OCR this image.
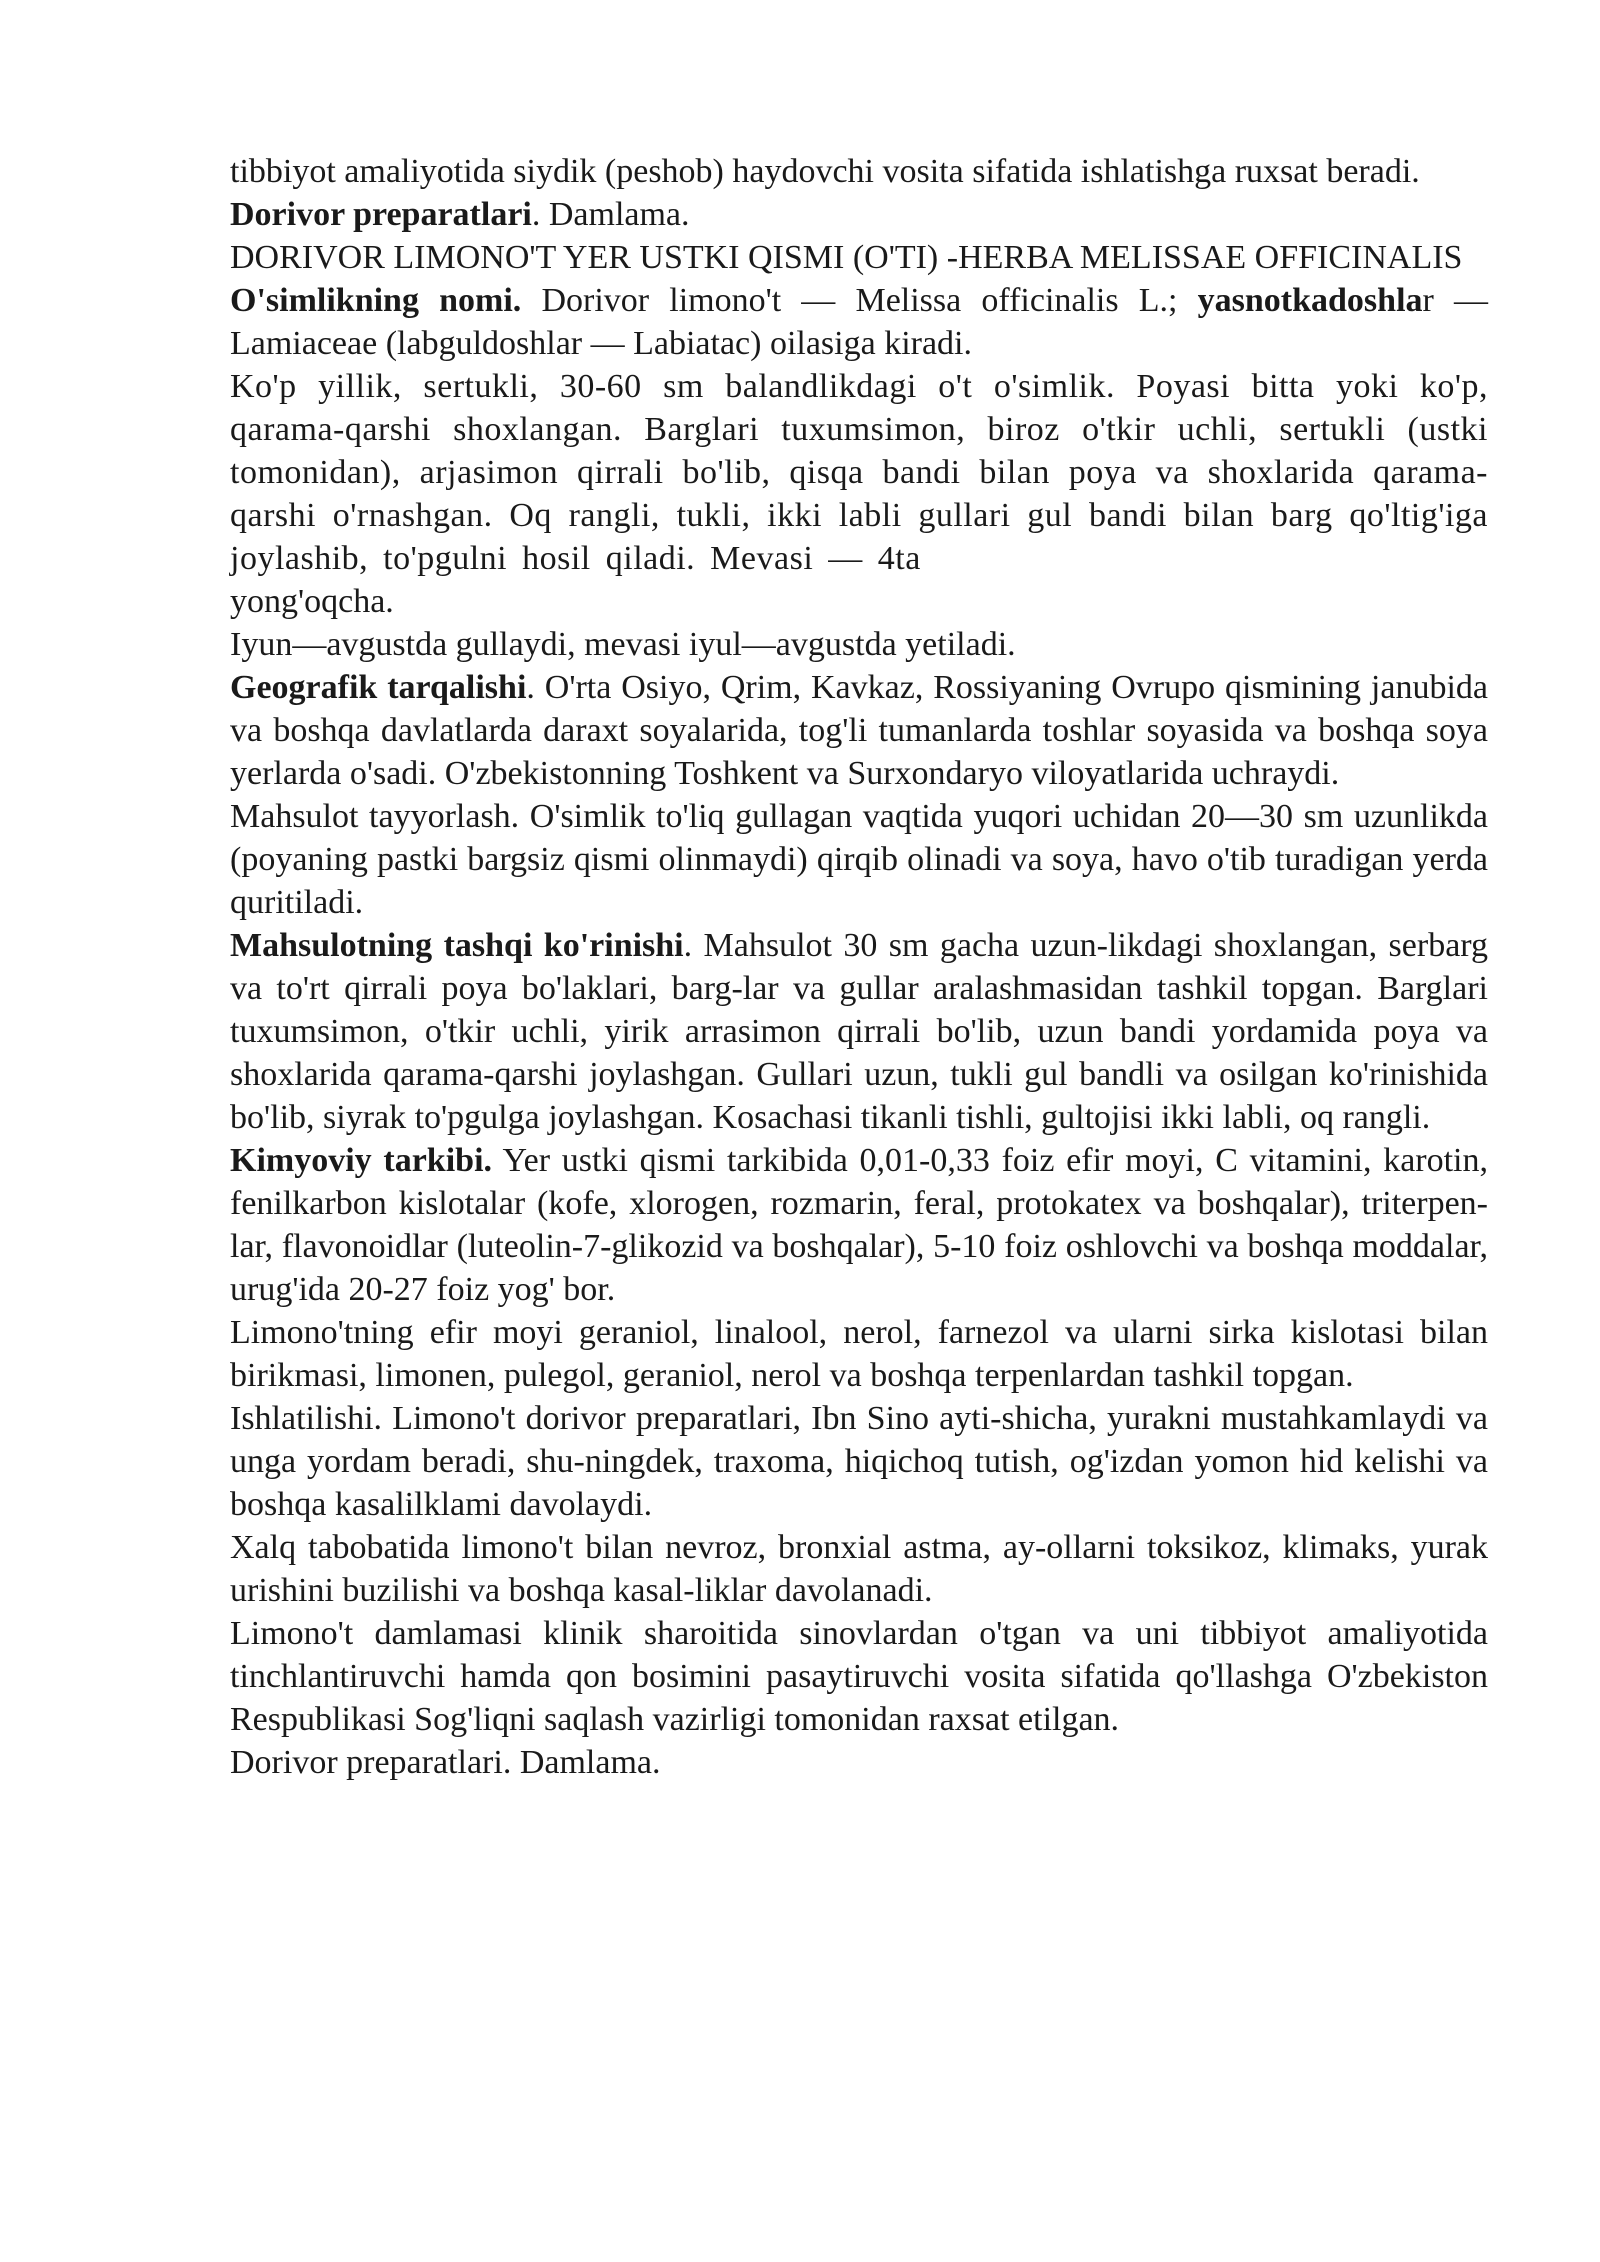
tibbiyot amaliyotida siydik (peshob) haydovchi vosita sifatida ishlatishga ruxsat beradi.

Dorivor preparatlari. Damlama.

DORIVOR LIMONO'T YER USTKI QISMI (O'TI) -HERBA MELISSAE OFFICINALIS

O'simlikning nomi. Dorivor limono't — Melissa officinalis L.; yasnotkadoshlar — Lamiaceae (labguldoshlar — Labiatac) oilasiga kiradi.

Ko'p yillik, sertukli, 30-60 sm balandlikdagi o't o'simlik. Poyasi bitta yoki ko'p, qarama-qarshi shoxlangan. Barglari tuxumsimon, biroz o'tkir uchli, sertukli (ustki tomonidan), arjasimon qirrali bo'lib, qisqa bandi bilan poya va shoxlarida qarama-qarshi o'rnashgan. Oq rangli, tukli, ikki labli gullari gul bandi bilan barg qo'ltig'iga joylashib, to'pgulni hosil qiladi. Mevasi — 4ta

yong'oqcha.

Iyun—avgustda gullaydi, mevasi iyul—avgustda yetiladi.

Geografik tarqalishi. O'rta Osiyo, Qrim, Kavkaz, Rossiyaning Ovrupo qismining janubida va boshqa davlatlarda daraxt soyalarida, tog'li tumanlarda toshlar soyasida va boshqa soya yerlarda o'sadi. O'zbekistonning Toshkent va Surxondaryo viloyatlarida uchraydi.

Mahsulot tayyorlash. O'simlik to'liq gullagan vaqtida yuqori uchidan 20—30 sm uzunlikda (poyaning pastki bargsiz qismi olinmaydi) qirqib olinadi va soya, havo o'tib turadigan yerda quritiladi.

Mahsulotning tashqi ko'rinishi. Mahsulot 30 sm gacha uzun-likdagi shoxlangan, serbarg va to'rt qirrali poya bo'laklari, barg-lar va gullar aralashmasidan tashkil topgan. Barglari tuxumsimon, o'tkir uchli, yirik arrasimon qirrali bo'lib, uzun bandi yordamida poya va shoxlarida qarama-qarshi joylashgan. Gullari uzun, tukli gul bandli va osilgan ko'rinishida bo'lib, siyrak to'pgulga joylashgan. Kosachasi tikanli tishli, gultojisi ikki labli, oq rangli.

Kimyoviy tarkibi. Yer ustki qismi tarkibida 0,01-0,33 foiz efir moyi, C vitamini, karotin, fenilkarbon kislotalar (kofe, xlorogen, rozmarin, feral, protokatex va boshqalar), triterpen-lar, flavonoidlar (luteolin-7-glikozid va boshqalar), 5-10 foiz oshlovchi va boshqa moddalar, urug'ida 20-27 foiz yog' bor.

Limono'tning efir moyi geraniol, linalool, nerol, farnezol va ularni sirka kislotasi bilan birikmasi, limonen, pulegol, geraniol, nerol va boshqa terpenlardan tashkil topgan.

Ishlatilishi. Limono't dorivor preparatlari, Ibn Sino ayti-shicha, yurakni mustahkamlaydi va unga yordam beradi, shu-ningdek, traxoma, hiqichoq tutish, og'izdan yomon hid kelishi va boshqa kasalilklami davolaydi.

Xalq tabobatida limono't bilan nevroz, bronxial astma, ay-ollarni toksikoz, klimaks, yurak urishini buzilishi va boshqa kasal-liklar davolanadi.

Limono't damlamasi klinik sharoitida sinovlardan o'tgan va uni tibbiyot amaliyotida tinchlantiruvchi hamda qon bosimini pasaytiruvchi vosita sifatida qo'llashga O'zbekiston Respublikasi Sog'liqni saqlash vazirligi tomonidan raxsat etilgan.

Dorivor preparatlari. Damlama.
